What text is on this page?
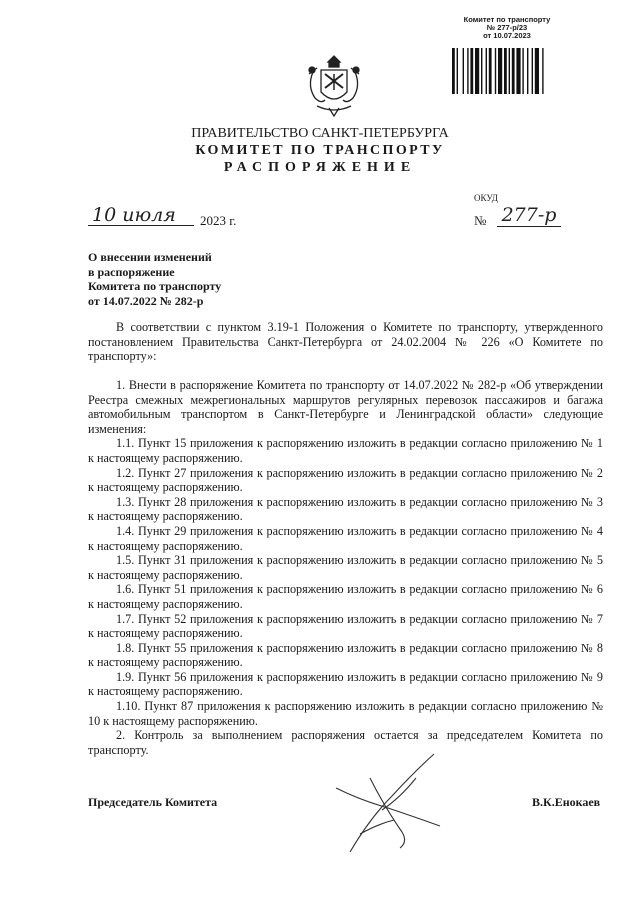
Комитет по транспорту
№ 277-р/23
от 10.07.2023
ПРАВИТЕЛЬСТВО САНКТ-ПЕТЕРБУРГА
КОМИТЕТ ПО ТРАНСПОРТУ
РАСПОРЯЖЕНИЕ
ОКУД
10 июля	2023 г.	№ 277-р
О внесении изменений
в распоряжение
Комитета по транспорту
от 14.07.2022 № 282-р

В соответствии с пунктом 3.19-1 Положения о Комитете по транспорту, утвержденного постановлением Правительства Санкт-Петербурга от 24.02.2004 № 226 «О Комитете по транспорту»:

1. Внести в распоряжение Комитета по транспорту от 14.07.2022 № 282-р «Об утверждении Реестра смежных межрегиональных маршрутов регулярных перевозок пассажиров и багажа автомобильным транспортом в Санкт-Петербурге и Ленинградской области» следующие изменения:

1.1. Пункт 15 приложения к распоряжению изложить в редакции согласно приложению № 1 к настоящему распоряжению.

1.2. Пункт 27 приложения к распоряжению изложить в редакции согласно приложению № 2 к настоящему распоряжению.

1.3. Пункт 28 приложения к распоряжению изложить в редакции согласно приложению № 3 к настоящему распоряжению.

1.4. Пункт 29 приложения к распоряжению изложить в редакции согласно приложению № 4 к настоящему распоряжению.

1.5. Пункт 31 приложения к распоряжению изложить в редакции согласно приложению № 5 к настоящему распоряжению.

1.6. Пункт 51 приложения к распоряжению изложить в редакции согласно приложению № 6 к настоящему распоряжению.

1.7. Пункт 52 приложения к распоряжению изложить в редакции согласно приложению № 7 к настоящему распоряжению.

1.8. Пункт 55 приложения к распоряжению изложить в редакции согласно приложению № 8 к настоящему распоряжению.

1.9. Пункт 56 приложения к распоряжению изложить в редакции согласно приложению № 9 к настоящему распоряжению.

1.10. Пункт 87 приложения к распоряжению изложить в редакции согласно приложению № 10 к настоящему распоряжению.

2. Контроль за выполнением распоряжения остается за председателем Комитета по транспорту.

Председатель Комитета	В.К.Енокаев
